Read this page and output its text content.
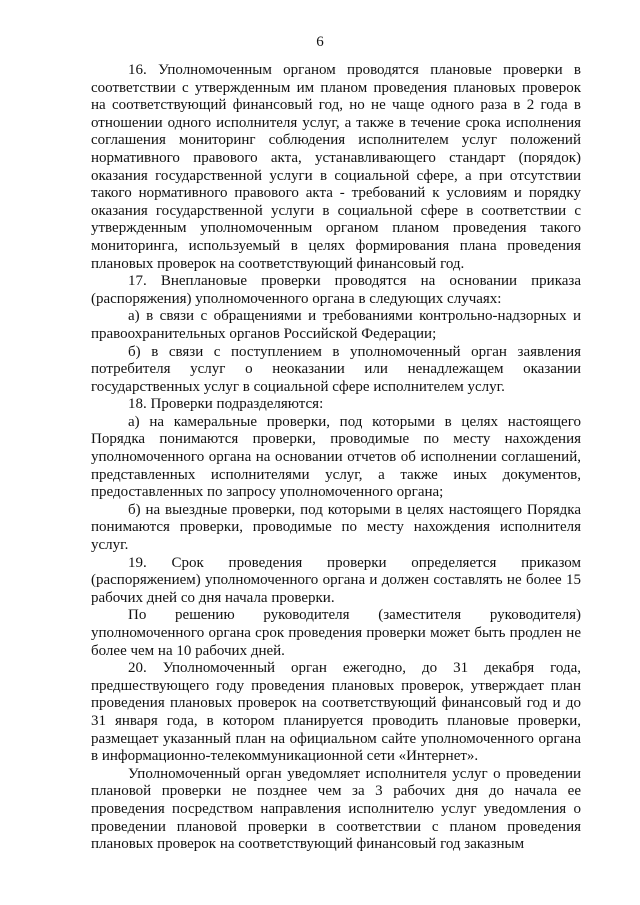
6

16. Уполномоченным органом проводятся плановые проверки в соответствии с утвержденным им планом проведения плановых проверок на соответствующий финансовый год, но не чаще одного раза в 2 года в отношении одного исполнителя услуг, а также в течение срока исполнения соглашения мониторинг соблюдения исполнителем услуг положений нормативного правового акта, устанавливающего стандарт (порядок) оказания государственной услуги в социальной сфере, а при отсутствии такого нормативного правового акта - требований к условиям и порядку оказания государственной услуги в социальной сфере в соответствии с утвержденным уполномоченным органом планом проведения такого мониторинга, используемый в целях формирования плана проведения плановых проверок на соответствующий финансовый год.

17. Внеплановые проверки проводятся на основании приказа (распоряжения) уполномоченного органа в следующих случаях:

а) в связи с обращениями и требованиями контрольно-надзорных и правоохранительных органов Российской Федерации;

б) в связи с поступлением в уполномоченный орган заявления потребителя услуг о неоказании или ненадлежащем оказании государственных услуг в социальной сфере исполнителем услуг.

18. Проверки подразделяются:

а) на камеральные проверки, под которыми в целях настоящего Порядка понимаются проверки, проводимые по месту нахождения уполномоченного органа на основании отчетов об исполнении соглашений, представленных исполнителями услуг, а также иных документов, предоставленных по запросу уполномоченного органа;

б) на выездные проверки, под которыми в целях настоящего Порядка понимаются проверки, проводимые по месту нахождения исполнителя услуг.

19. Срок проведения проверки определяется приказом (распоряжением) уполномоченного органа и должен составлять не более 15 рабочих дней со дня начала проверки.

По решению руководителя (заместителя руководителя) уполномоченного органа срок проведения проверки может быть продлен не более чем на 10 рабочих дней.

20. Уполномоченный орган ежегодно, до 31 декабря года, предшествующего году проведения плановых проверок, утверждает план проведения плановых проверок на соответствующий финансовый год и до 31 января года, в котором планируется проводить плановые проверки, размещает указанный план на официальном сайте уполномоченного органа в информационно-телекоммуникационной сети «Интернет».

Уполномоченный орган уведомляет исполнителя услуг о проведении плановой проверки не позднее чем за 3 рабочих дня до начала ее проведения посредством направления исполнителю услуг уведомления о проведении плановой проверки в соответствии с планом проведения плановых проверок на соответствующий финансовый год заказным
